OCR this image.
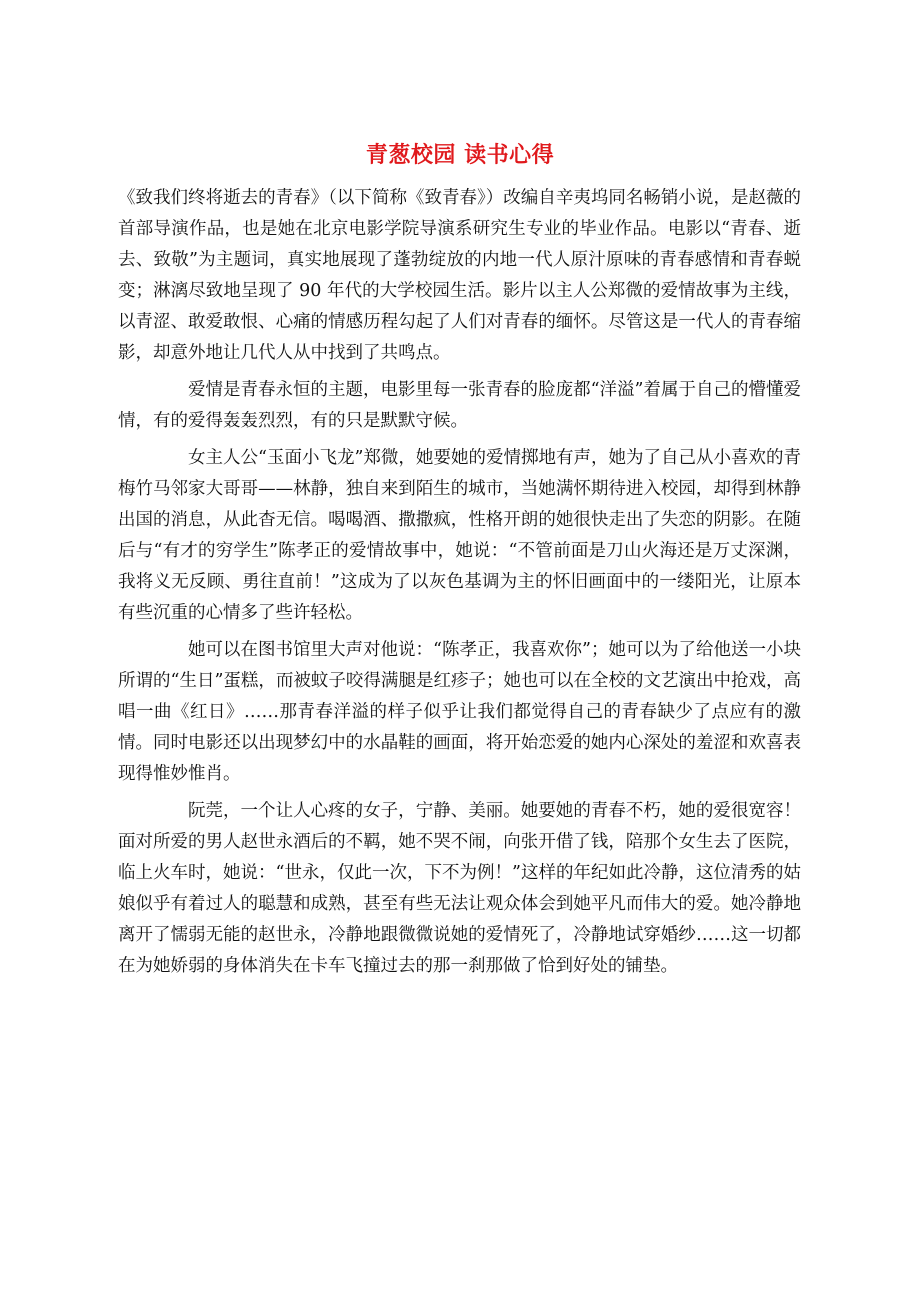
青葱校园 读书心得

《致我们终将逝去的青春》（以下简称《致青春》）改编自辛夷坞同名畅销小说，是赵薇的首部导演作品，也是她在北京电影学院导演系研究生专业的毕业作品。电影以“青春、逝去、致敬”为主题词，真实地展现了蓬勃绽放的内地一代人原汁原味的青春感情和青春蜕变；淋漓尽致地呈现了 90 年代的大学校园生活。影片以主人公郑微的爱情故事为主线，以青涩、敢爱敢恨、心痛的情感历程勾起了人们对青春的缅怀。尽管这是一代人的青春缩影，却意外地让几代人从中找到了共鸣点。

爱情是青春永恒的主题，电影里每一张青春的脸庞都“洋溢”着属于自己的懵懂爱情，有的爱得轰轰烈烈，有的只是默默守候。

女主人公“玉面小飞龙”郑微，她要她的爱情掷地有声，她为了自己从小喜欢的青梅竹马邻家大哥哥——林静，独自来到陌生的城市，当她满怀期待进入校园，却得到林静出国的消息，从此杳无信。喝喝酒、撒撒疯，性格开朗的她很快走出了失恋的阴影。在随后与“有才的穷学生”陈孝正的爱情故事中，她说：“不管前面是刀山火海还是万丈深渊，我将义无反顾、勇往直前！”这成为了以灰色基调为主的怀旧画面中的一缕阳光，让原本有些沉重的心情多了些许轻松。

她可以在图书馆里大声对他说：“陈孝正，我喜欢你”；她可以为了给他送一小块所谓的“生日”蛋糕，而被蚊子咬得满腿是红疹子；她也可以在全校的文艺演出中抢戏，高唱一曲《红日》……那青春洋溢的样子似乎让我们都觉得自己的青春缺少了点应有的激情。同时电影还以出现梦幻中的水晶鞋的画面，将开始恋爱的她内心深处的羞涩和欢喜表现得惟妙惟肖。

阮莞，一个让人心疼的女子，宁静、美丽。她要她的青春不朽，她的爱很宽容！面对所爱的男人赵世永酒后的不羁，她不哭不闹，向张开借了钱，陪那个女生去了医院，临上火车时，她说：“世永，仅此一次，下不为例！”这样的年纪如此冷静，这位清秀的姑娘似乎有着过人的聪慧和成熟，甚至有些无法让观众体会到她平凡而伟大的爱。她冷静地离开了懦弱无能的赵世永，冷静地跟微微说她的爱情死了，冷静地试穿婚纱……这一切都在为她娇弱的身体消失在卡车飞撞过去的那一刹那做了恰到好处的铺垫。
